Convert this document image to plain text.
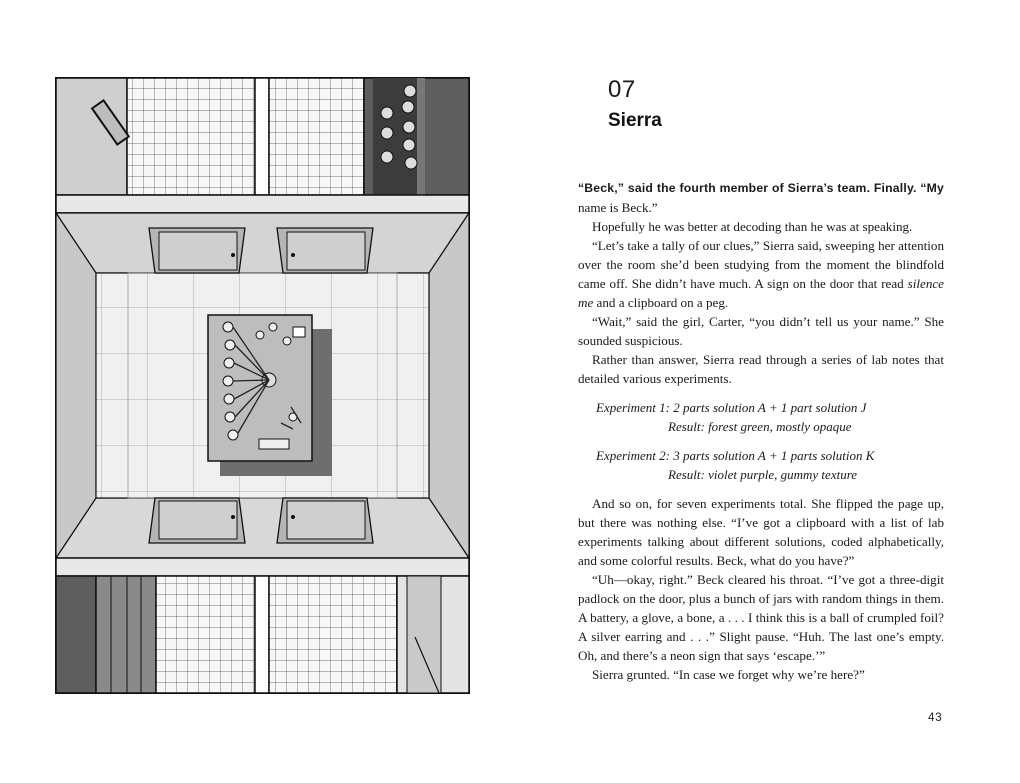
07
Sierra

“Beck,” said the fourth member of Sierra’s team. Finally. “My name is Beck.”

Hopefully he was better at decoding than he was at speaking.

“Let’s take a tally of our clues,” Sierra said, sweeping her attention over the room she’d been studying from the moment the blindfold came off. She didn’t have much. A sign on the door that read silence me and a clipboard on a peg.

“Wait,” said the girl, Carter, “you didn’t tell us your name.” She sounded suspicious.

Rather than answer, Sierra read through a series of lab notes that detailed various experiments.

Experiment 1: 2 parts solution A + 1 part solution J
Result: forest green, mostly opaque
Experiment 2: 3 parts solution A + 1 parts solution K
Result: violet purple, gummy texture

And so on, for seven experiments total. She flipped the page up, but there was nothing else. “I’ve got a clipboard with a list of lab experiments talking about different solutions, coded alphabetically, and some colorful results. Beck, what do you have?”

“Uh—okay, right.” Beck cleared his throat. “I’ve got a three-digit padlock on the door, plus a bunch of jars with random things in them. A battery, a glove, a bone, a . . . I think this is a ball of crumpled foil? A silver earring and . . .” Slight pause. “Huh. The last one’s empty. Oh, and there’s a neon sign that says ‘escape.’”

Sierra grunted. “In case we forget why we’re here?”

43
